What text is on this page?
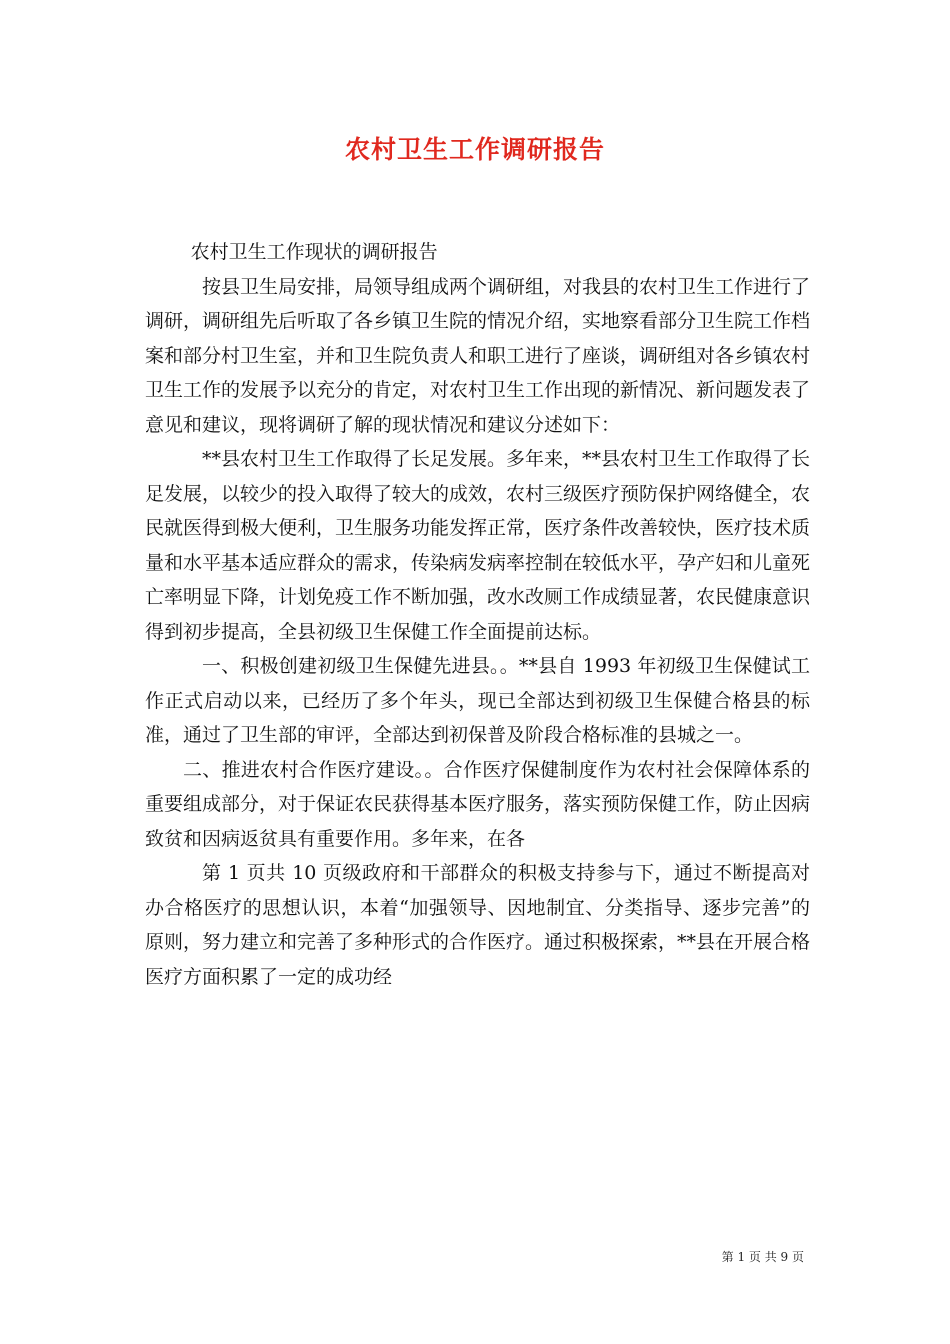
农村卫生工作调研报告

农村卫生工作现状的调研报告

按县卫生局安排，局领导组成两个调研组，对我县的农村卫生工作进行了调研，调研组先后听取了各乡镇卫生院的情况介绍，实地察看部分卫生院工作档案和部分村卫生室，并和卫生院负责人和职工进行了座谈，调研组对各乡镇农村卫生工作的发展予以充分的肯定，对农村卫生工作出现的新情况、新问题发表了意见和建议，现将调研了解的现状情况和建议分述如下：

**县农村卫生工作取得了长足发展。多年来，**县农村卫生工作取得了长足发展，以较少的投入取得了较大的成效，农村三级医疗预防保护网络健全，农民就医得到极大便利，卫生服务功能发挥正常，医疗条件改善较快，医疗技术质量和水平基本适应群众的需求，传染病发病率控制在较低水平，孕产妇和儿童死亡率明显下降，计划免疫工作不断加强，改水改厕工作成绩显著，农民健康意识得到初步提高，全县初级卫生保健工作全面提前达标。

一、积极创建初级卫生保健先进县。。**县自 1993 年初级卫生保健试工作正式启动以来，已经历了多个年头，现已全部达到初级卫生保健合格县的标准，通过了卫生部的审评，全部达到初保普及阶段合格标准的县城之一。

二、推进农村合作医疗建设。。合作医疗保健制度作为农村社会保障体系的重要组成部分，对于保证农民获得基本医疗服务，落实预防保健工作，防止因病致贫和因病返贫具有重要作用。多年来，在各

第 1 页共 10 页级政府和干部群众的积极支持参与下，通过不断提高对办合格医疗的思想认识，本着“加强领导、因地制宜、分类指导、逐步完善”的原则，努力建立和完善了多种形式的合作医疗。通过积极探索，**县在开展合格医疗方面积累了一定的成功经

第 1 页 共 9 页
